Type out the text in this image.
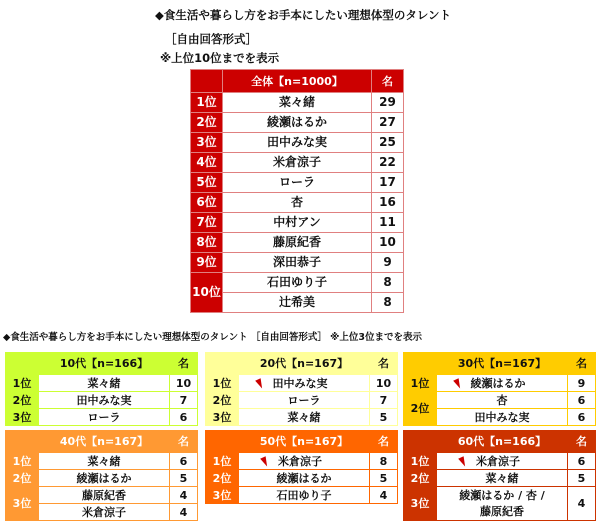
◆食生活や暮らし方をお手本にしたい理想体型のタレント
［自由回答形式］
※上位10位までを表示
◆食生活や暮らし方をお手本にしたい理想体型のタレント ［自由回答形式］ ※上位3位までを表示
	全体【n=1000】	名
1位	菜々緒	29
2位	綾瀬はるか	27
3位	田中みな実	25
4位	米倉涼子	22
5位	ローラ	17
6位	杏	16
7位	中村アン	11
8位	藤原紀香	10
9位	深田恭子	9
10位	石田ゆり子	8
	辻希美	8
	10代【n=166】	名
1位	菜々緒	10
2位	田中みな実	7
3位	ローラ	6
	20代【n=167】	名
1位	田中みな実	10
2位	ローラ	7
3位	菜々緒	5
	30代【n=167】	名
1位	綾瀬はるか	9
2位	杏	6
	田中みな実	6
	40代【n=167】	名
1位	菜々緒	6
2位	綾瀬はるか	5
3位	藤原紀香	4
	米倉涼子	4
	50代【n=167】	名
1位	米倉涼子	8
2位	綾瀬はるか	5
3位	石田ゆり子	4
	60代【n=166】	名
1位	米倉涼子	6
2位	菜々緒	5
3位	綾瀬はるか / 杏 / 藤原紀香	4
